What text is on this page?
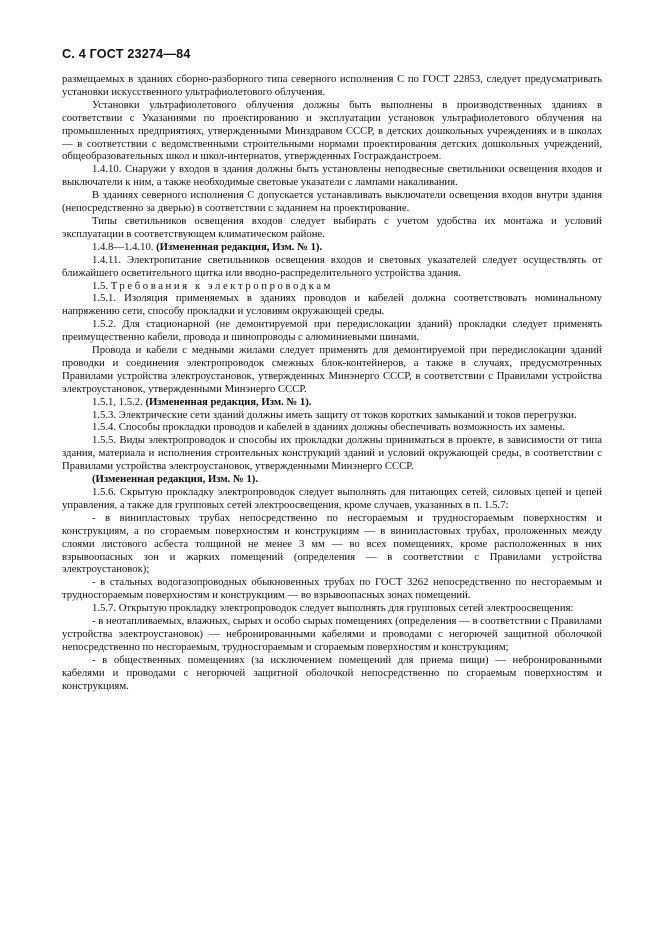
С. 4 ГОСТ 23274—84

размещаемых в зданиях сборно-разборного типа северного исполнения С по ГОСТ 22853, следует предусматривать установки искусственного ультрафиолетового облучения.

Установки ультрафиолетового облучения должны быть выполнены в производственных зданиях в соответствии с Указаниями по проектированию и эксплуатации установок ультрафиолетового облучения на промышленных предприятиях, утвержденными Минздравом СССР, в детских дошкольных учреждениях и в школах — в соответствии с ведомственными строительными нормами проектирования детских дошкольных учреждений, общеобразовательных школ и школ-интернатов, утвержденных Госгражданстроем.

1.4.10. Снаружи у входов в здания должны быть установлены неподвесные светильники освещения входов и выключатели к ним, а также необходимые световые указатели с лампами накаливания.

В зданиях северного исполнения С допускается устанавливать выключатели освещения входов внутри здания (непосредственно за дверью) в соответствии с заданием на проектирование.

Типы светильников освещения входов следует выбирать с учетом удобства их монтажа и условий эксплуатации в соответствующем климатическом районе.

1.4.8—1.4.10. (Измененная редакция, Изм. № 1).

1.4.11. Электропитание светильников освещения входов и световых указателей следует осуществлять от ближайшего осветительного щитка или вводно-распределительного устройства здания.

1.5. Требования к электропроводкам

1.5.1. Изоляция применяемых в зданиях проводов и кабелей должна соответствовать номинальному напряжению сети, способу прокладки и условиям окружающей среды.

1.5.2. Для стационарной (не демонтируемой при передислокации зданий) прокладки следует применять преимущественно кабели, провода и шинопроводы с алюминиевыми шинами.

Провода и кабели с медными жилами следует применять для демонтируемой при передислокации зданий проводки и соединения электропроводок смежных блок-контейнеров, а также в случаях, предусмотренных Правилами устройства электроустановок, утвержденных Минэнерго СССР, в соответствии с Правилами устройства электроустановок, утвержденными Минэнерго СССР.

1.5.1, 1.5.2. (Измененная редакция, Изм. № 1).

1.5.3. Электрические сети зданий должны иметь защиту от токов коротких замыканий и токов перегрузки.

1.5.4. Способы прокладки проводов и кабелей в зданиях должны обеспечивать возможность их замены.

1.5.5. Виды электропроводок и способы их прокладки должны приниматься в проекте, в зависимости от типа здания, материала и исполнения строительных конструкций зданий и условий окружающей среды, в соответствии с Правилами устройства электроустановок, утвержденными Минэнерго СССР.

(Измененная редакция, Изм. № 1).

1.5.6. Скрытую прокладку электропроводок следует выполнять для питающих сетей, силовых цепей и цепей управления, а также для групповых сетей электроосвещения, кроме случаев, указанных в п. 1.5.7:

- в винипластовых трубах непосредственно по несгораемым и трудносгораемым поверхностям и конструкциям, а по сгораемым поверхностям и конструкциям — в винипластовых трубах, проложенных между слоями листового асбеста толщиной не менее 3 мм — во всех помещениях, кроме расположенных в них взрывоопасных зон и жарких помещений (определения — в соответствии с Правилами устройства электроустановок);

- в стальных водогазопроводных обыкновенных трубах по ГОСТ 3262 непосредственно по несгораемым и трудносгораемым поверхностям и конструкциям — во взрывоопасных зонах помещений.

1.5.7. Открытую прокладку электропроводок следует выполнять для групповых сетей электроосвещения:

- в неотапливаемых, влажных, сырых и особо сырых помещениях (определения — в соответствии с Правилами устройства электроустановок) — небронированными кабелями и проводами с негорючей защитной оболочкой непосредственно по несгораемым, трудносгораемым и сгораемым поверхностям и конструкциям;

- в общественных помещениях (за исключением помещений для приема пищи) — небронированными кабелями и проводами с негорючей защитной оболочкой непосредственно по сгораемым поверхностям и конструкциям.
